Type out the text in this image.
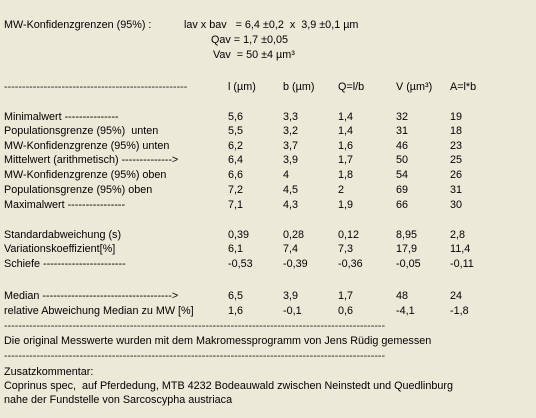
MW-Konfidenzgrenzen (95%) :	lav x bav   = 6,4 ±0,2  x  3,9 ±0,1 µm
Qav = 1,7 ±0,05
Vav  = 50 ±4 µm³
---------------------------------------------------	l (µm)	b (µm) Q=l/b	V (µm³) A=l*b
Minimalwert ---------------	5,6	3,3	1,4	32	19
Populationsgrenze (95%)  unten	5,5	3,2	1,4	31	18
MW-Konfidenzgrenze (95%) unten	6,2	3,7	1,6	46	23
Mittelwert (arithmetisch) -------------->	6,4	3,9	1,7	50	25
MW-Konfidenzgrenze (95%) oben	6,6	4	1,8	54	26
Populationsgrenze (95%) oben	7,2	4,5	2	69	31
Maximalwert ----------------	7,1	4,3	1,9	66	30
Standardabweichung (s)	0,39	0,28	0,12	8,95	2,8
Variationskoeffizient[%]	6,1	7,4	7,3	17,9	11,4
Schiefe -----------------------	-0,53	-0,39	-0,36	-0,05	-0,11
Median ------------------------------------>	6,5	3,9	1,7	48	24
relative Abweichung Median zu MW [%]	1,6	-0,1	0,6	-4,1	-1,8
----------------------------------------------------------------------------------------------------------
Die original Messwerte wurden mit dem Makromessprogramm von Jens Rüdig gemessen
----------------------------------------------------------------------------------------------------------
Zusatzkommentar:
Coprinus spec,  auf Pferdedung, MTB 4232 Bodeauwald zwischen Neinstedt und Quedlinburg
nahe der Fundstelle von Sarcoscypha austriaca
